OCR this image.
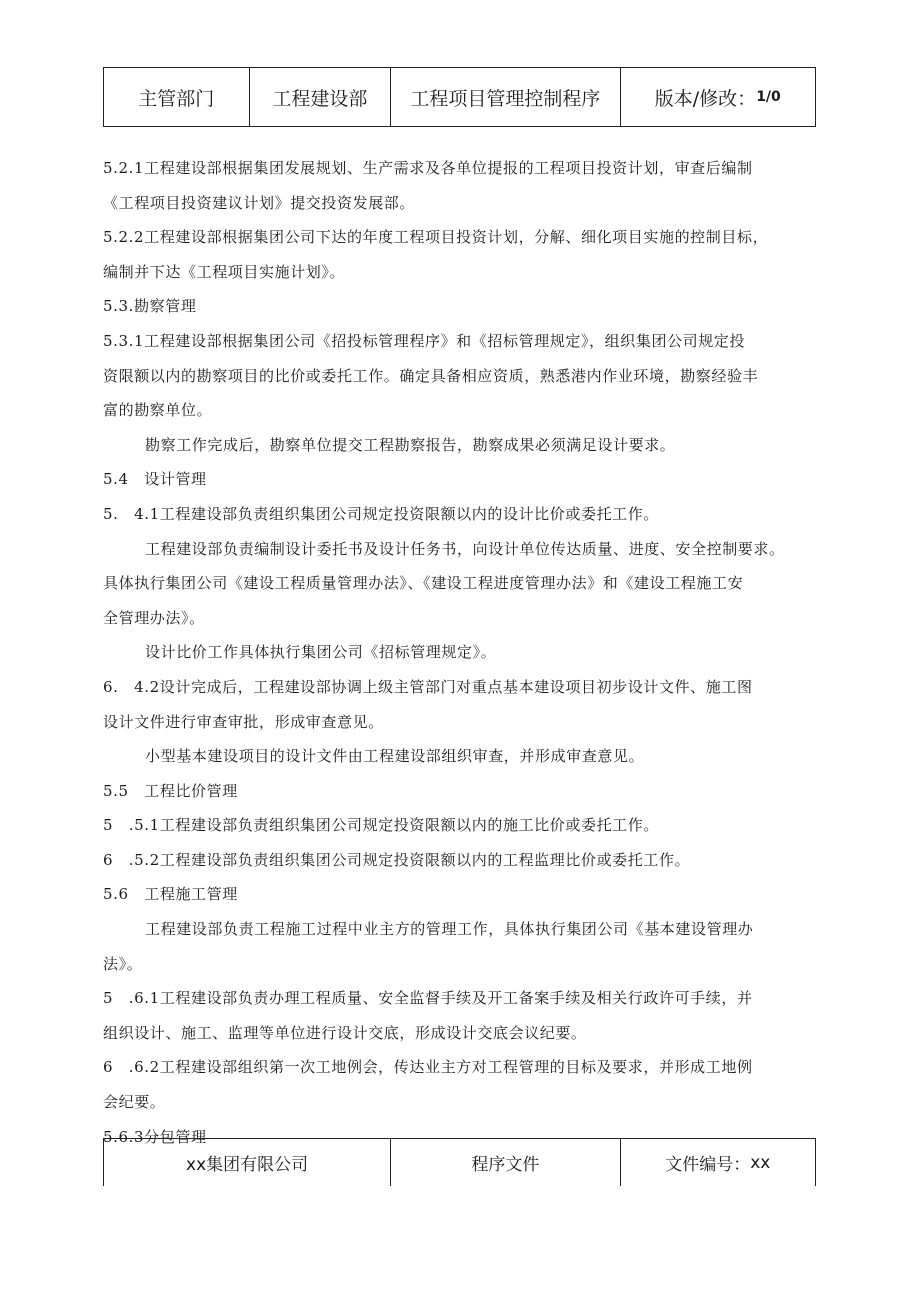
主管部门	工程建设部	工程项目管理控制程序	版本/修改： 1/0

5.2.1工程建设部根据集团发展规划、生产需求及各单位提报的工程项目投资计划，审查后编制

《工程项目投资建议计划》提交投资发展部。

5.2.2工程建设部根据集团公司下达的年度工程项目投资计划，分解、细化项目实施的控制目标，

编制并下达《工程项目实施计划》。

5.3.勘察管理

5.3.1工程建设部根据集团公司《招投标管理程序》和《招标管理规定》，组织集团公司规定投

资限额以内的勘察项目的比价或委托工作。确定具备相应资质，熟悉港内作业环境，勘察经验丰

富的勘察单位。

勘察工作完成后，勘察单位提交工程勘察报告，勘察成果必须满足设计要求。

5.4　设计管理

5.　4.1工程建设部负责组织集团公司规定投资限额以内的设计比价或委托工作。

工程建设部负责编制设计委托书及设计任务书，向设计单位传达质量、进度、安全控制要求。

具体执行集团公司《建设工程质量管理办法》、《建设工程进度管理办法》和《建设工程施工安

全管理办法》。

设计比价工作具体执行集团公司《招标管理规定》。

6.　4.2设计完成后，工程建设部协调上级主管部门对重点基本建设项目初步设计文件、施工图

设计文件进行审查审批，形成审查意见。

小型基本建设项目的设计文件由工程建设部组织审查，并形成审查意见。

5.5　工程比价管理

5　.5.1工程建设部负责组织集团公司规定投资限额以内的施工比价或委托工作。

6　.5.2工程建设部负责组织集团公司规定投资限额以内的工程监理比价或委托工作。

5.6　工程施工管理

工程建设部负责工程施工过程中业主方的管理工作，具体执行集团公司《基本建设管理办

法》。

5　.6.1工程建设部负责办理工程质量、安全监督手续及开工备案手续及相关行政许可手续，并

组织设计、施工、监理等单位进行设计交底，形成设计交底会议纪要。

6　.6.2工程建设部组织第一次工地例会，传达业主方对工程管理的目标及要求，并形成工地例

会纪要。

5.6.3分包管理

xx集团有限公司	程序文件	文件编号： xx
